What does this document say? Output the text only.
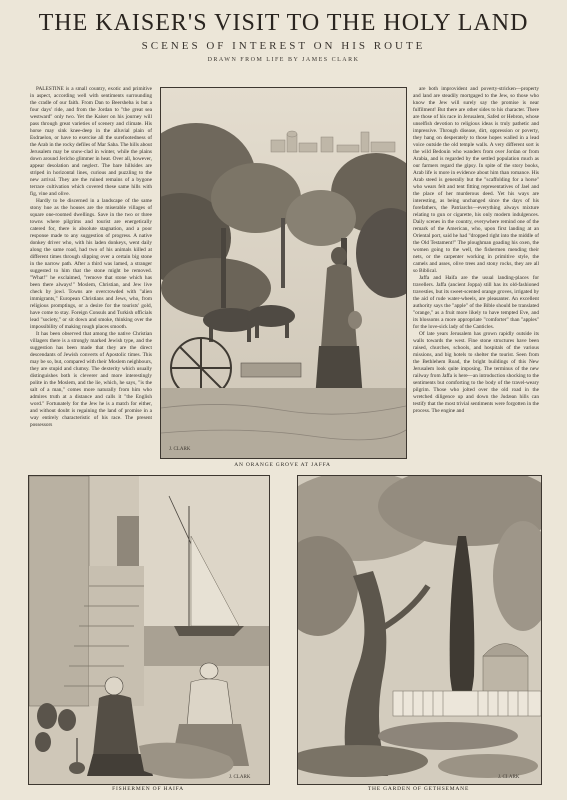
THE KAISER'S VISIT TO THE HOLY LAND
SCENES OF INTEREST ON HIS ROUTE
DRAWN FROM LIFE BY JAMES CLARK

PALESTINE is a small country, exotic and primitive in aspect, according well with sentiments surrounding the cradle of our faith. From Dan to Beersheba is but a four days' ride, and from the Jordan to "the great sea westward" only two. Yet the Kaiser on his journey will pass through great varieties of scenery and climate. His horse may sink knee-deep in the alluvial plain of Esdraelon, or have to exercise all the surefootedness of the Arab in the rocky defiles of Mar Saba. The hills about Jerusalem may be snow-clad in winter, while the plains down around Jericho glimmer in heat. Over all, however, appear desolation and neglect. The bare hillsides are striped in horizontal lines, curious and puzzling to the new arrival. They are the ruined remains of a bygone terrace cultivation which covered these same hills with fig, vine and olive.

Hardly to be discerned in a landscape of the same stony hue as the houses are the miserable villages of square one-roomed dwellings. Save in the two or three towns where pilgrims and tourist are energetically catered for, there is absolute stagnation, and a poor response made to any suggestion of progress. A native donkey driver who, with his laden donkeys, went daily along the same road, had two of his animals killed at different times through slipping over a certain big stone in the narrow path. After a third was lamed, a stranger suggested to him that the stone might be removed. "What!" he exclaimed, "remove that stone which has been there always!" Moslem, Christian, and Jew live check by jowl. Towns are overcrowded with "alien immigrants," European Christians and Jews, who, from religious promptings, or a desire for the tourists' gold, have come to stay. Foreign Consuls and Turkish officials lead "society," or sit down and smoke, thinking over the impossibility of making rough places smooth.

It has been observed that among the native Christian villagers there is a strongly marked Jewish type, and the suggestion has been made that they are the direct descendants of Jewish converts of Apostolic times. This may be so, but, compared with their Moslem neighbours, they are stupid and clumsy. The dexterity which usually distinguishes both is cleverer and more interestingly polite in the Moslem, and the lie, which, he says, "is the salt of a man," comes more naturally from him who admires truth at a distance and calls it "the English word." Fortunately for the Jew he is a match for either, and without doubt is regaining the land of promise in a way entirely characteristic of his race. The present possessors

J. CLARK
AN ORANGE GROVE AT JAFFA

are both improvident and poverty-stricken—property and land are steadily mortgaged to the Jew, so those who know the Jew will surely say the promise is near fulfilment! But there are other sides to his character. There are those of his race in Jerusalem, Safed or Hebron, whose unselfish devotion to religious ideas is truly pathetic and impressive. Through disease, dirt, oppression or poverty, they hang on desperately to those hopes walled in a lead voice outside the old temple walls. A very different sort is the wild Bedouin who wanders from over Jordan or from Arabia, and is regarded by the settled population much as our farmers regard the gipsy. In spite of the story books, Arab life is more in evidence about him than romance. His Arab steed is generally but the "scaffolding for a horse" who wears felt and tent fitting representatives of Jael and the place of her murderous deed. Yet his ways are interesting, as being unchanged since the days of his forefathers, the Patriarchs—everything always mixture relating to gun or cigarette, his only modern indulgences. Daily scenes in the country, everywhere remind one of the remark of the American, who, upon first landing at an Oriental port, said he had "dropped right into the middle of the Old Testament!" The ploughman goading his oxen, the women going to the well, the fishermen mending their nets, or the carpenter working in primitive style, the camels and asses, olive trees and stony rocks, they are all so Biblical.

Jaffa and Haifa are the usual landing-places for travellers. Jaffa (ancient Joppa) still has its old-fashioned travesties, but its sweet-scented orange groves, irrigated by the aid of rude water-wheels, are pleasanter. An excellent authority says the "apple" of the Bible should be translated "orange," as a fruit more likely to have tempted Eve, and its blossoms a more appropriate "comforter" than "apples" for the love-sick lady of the Canticles.

Of late years Jerusalem has grown rapidly outside its walls towards the west. Fine stone structures have been raised, churches, schools, and hospitals of the various missions, and big hotels to shelter the tourist. Seen from the Bethlehem Road, the bright buildings of this New Jerusalem look quite imposing. The terminus of the new railway from Jaffa is here—an introduction shocking to the sentiments but comforting to the body of the travel-weary pilgrim. Those who jolted over the old road in the wretched diligence up and down the Judæan hills can testify that the most trivial sentiments were forgotten in the process. The engine and

J. CLARK
FISHERMEN OF HAIFA
J. CLARK
THE GARDEN OF GETHSEMANE
